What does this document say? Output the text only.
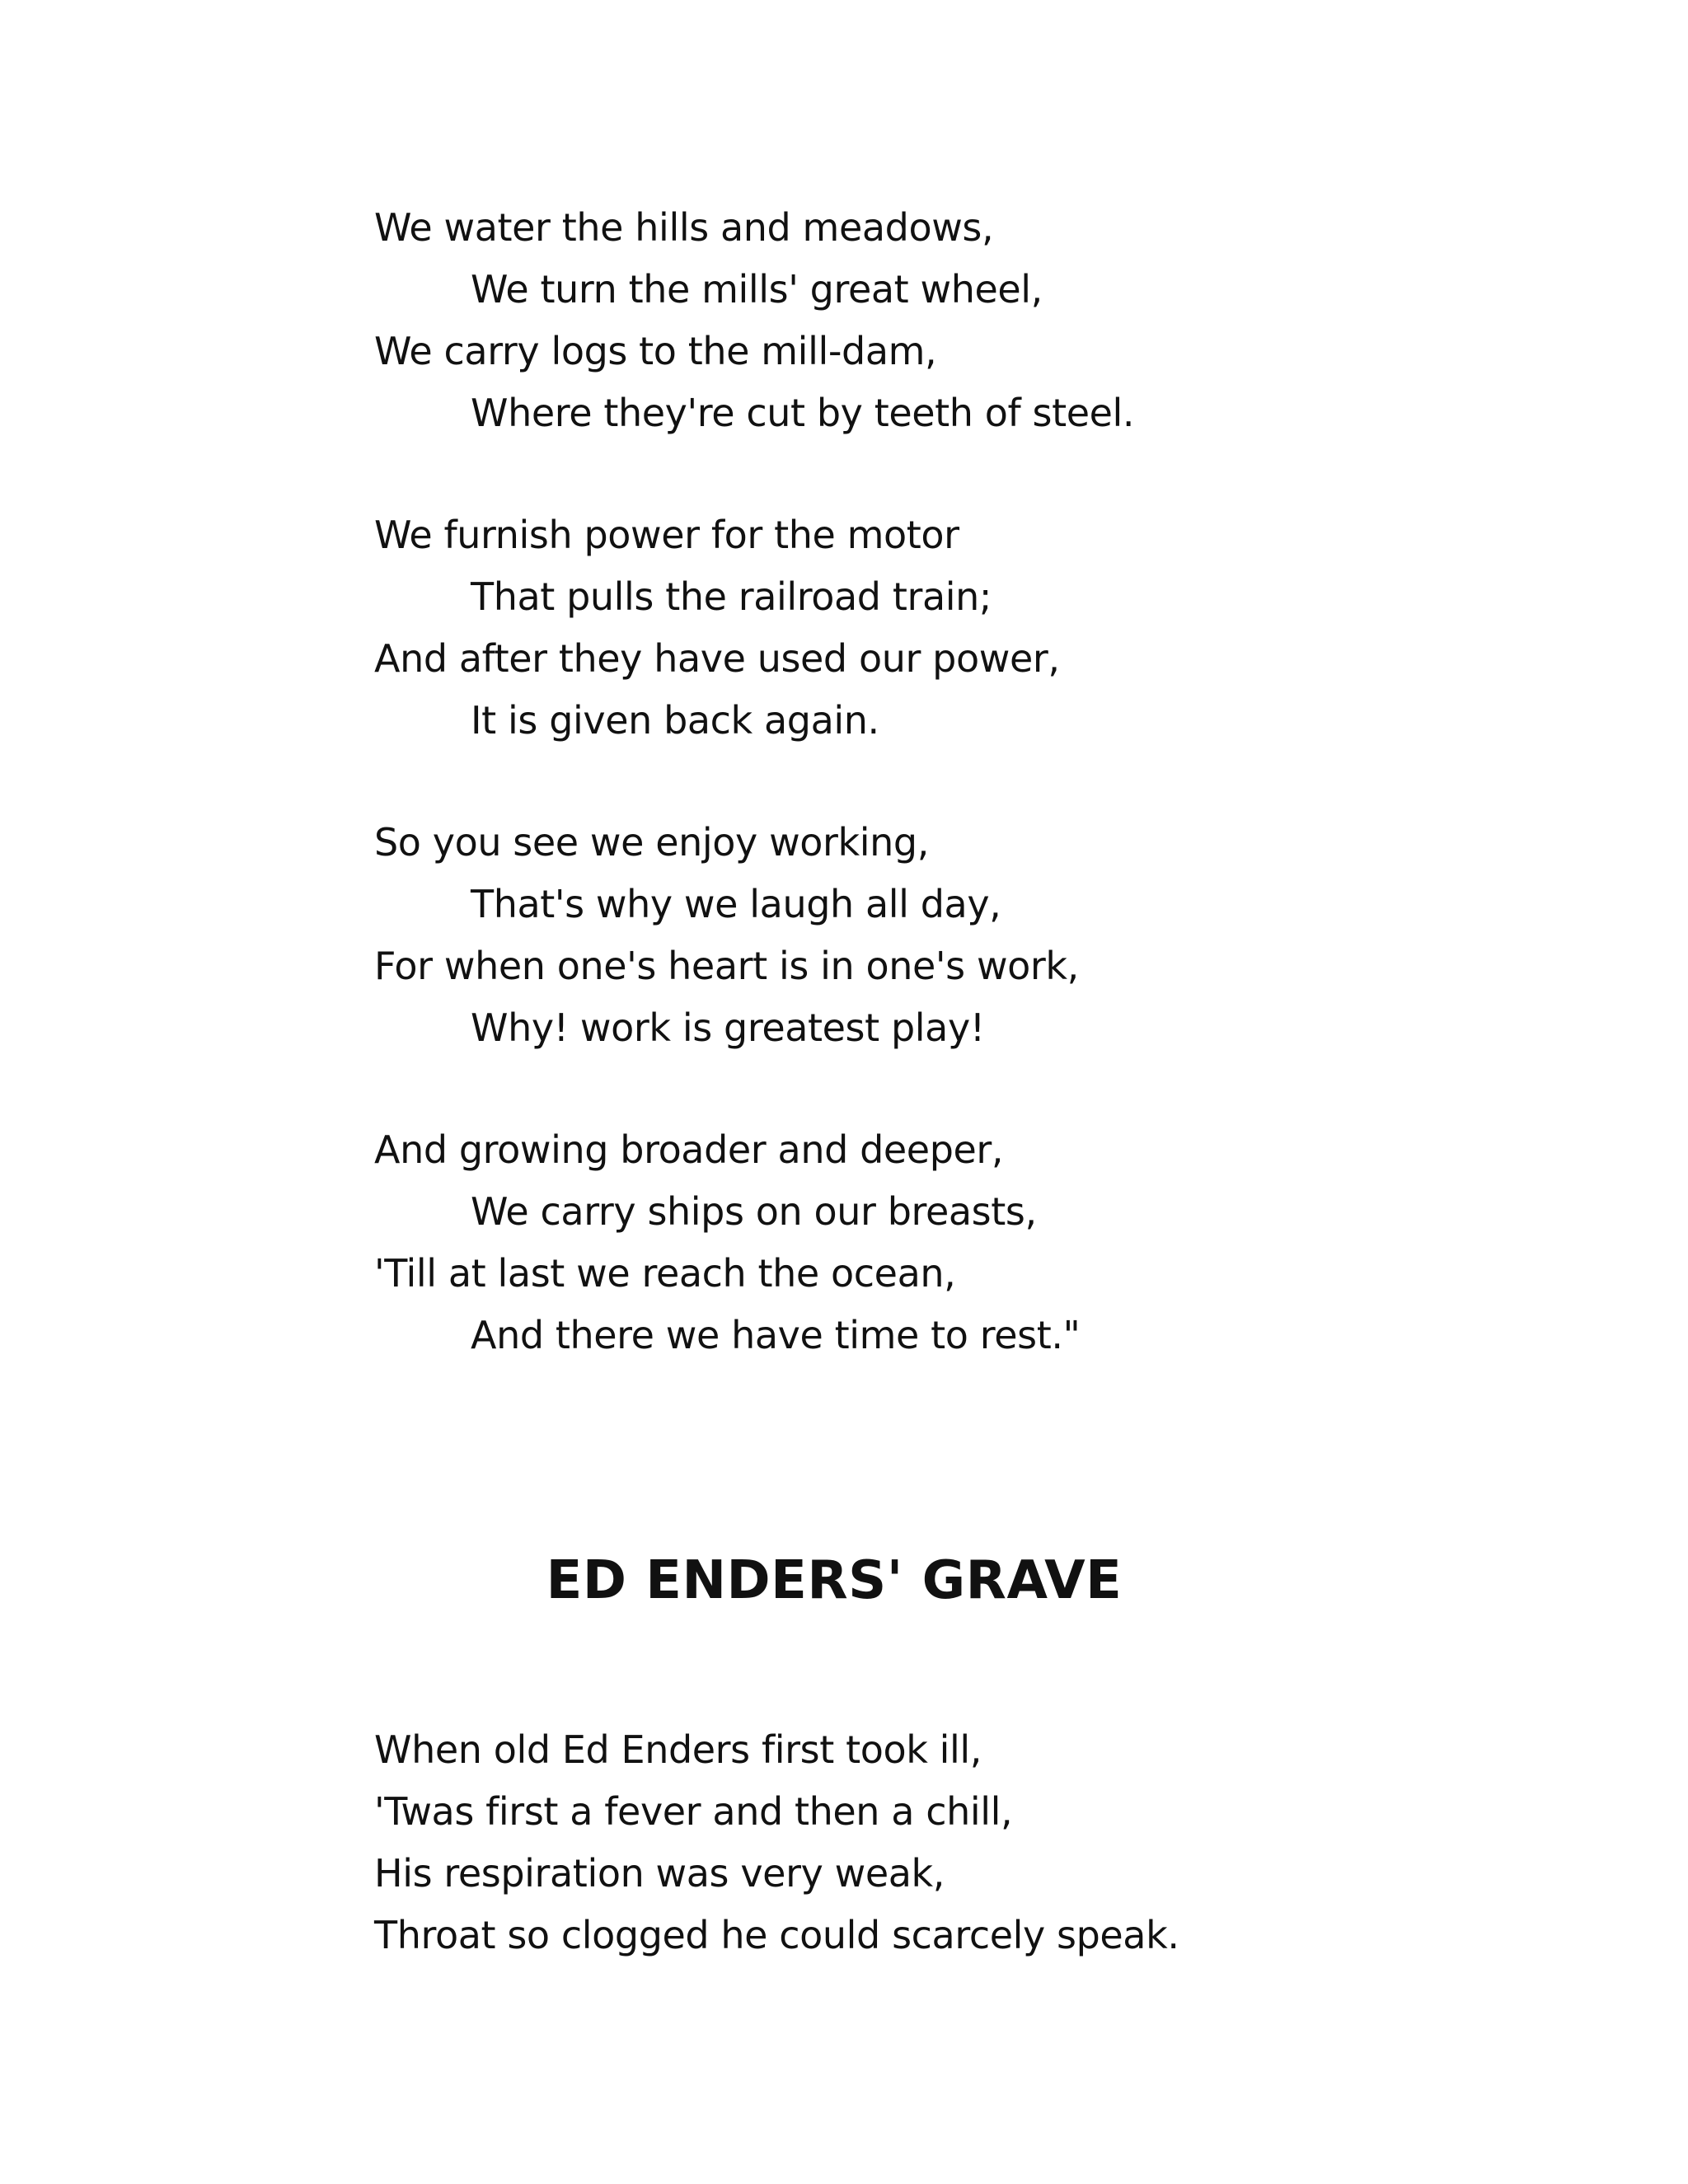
We water the hills and meadows,
We turn the mills' great wheel,
We carry logs to the mill-dam,
Where they're cut by teeth of steel.
We furnish power for the motor
That pulls the railroad train;
And after they have used our power,
It is given back again.
So you see we enjoy working,
That's why we laugh all day,
For when one's heart is in one's work,
Why! work is greatest play!
And growing broader and deeper,
We carry ships on our breasts,
'Till at last we reach the ocean,
And there we have time to rest."
ED ENDERS' GRAVE
When old Ed Enders first took ill,
'Twas first a fever and then a chill,
His respiration was very weak,
Throat so clogged he could scarcely speak.
